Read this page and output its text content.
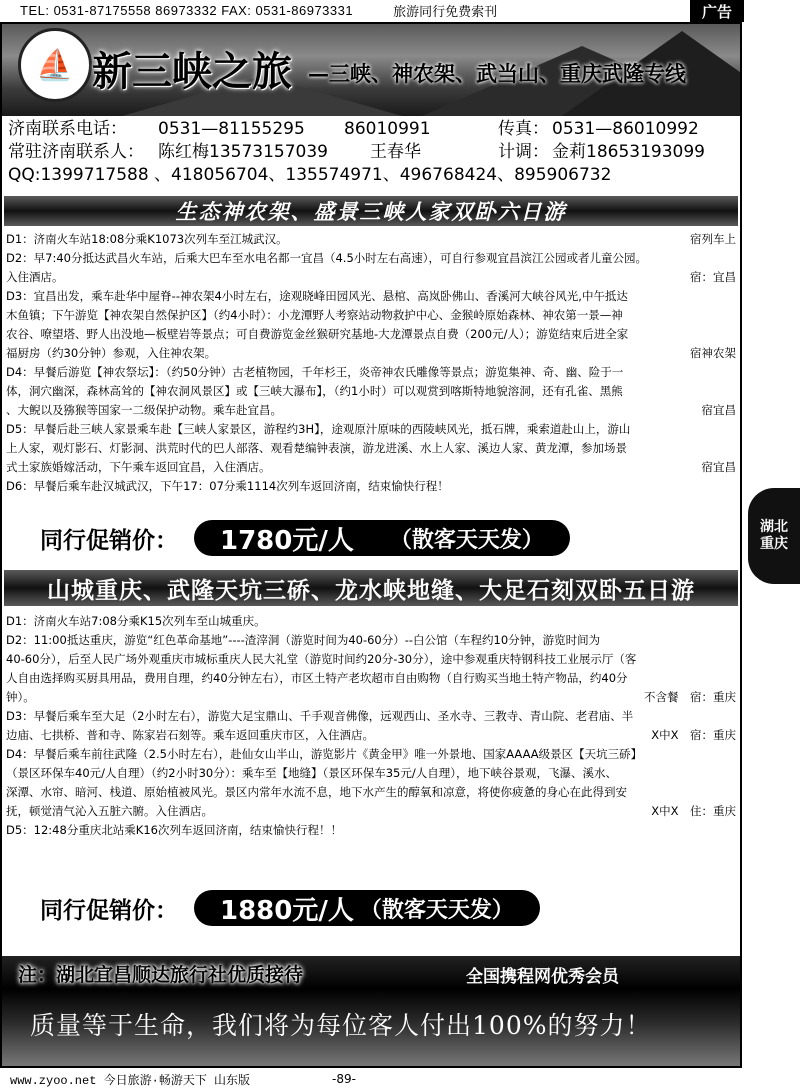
TEL: 0531-87175558 86973332 FAX: 0531-86973331	旅游同行免费索刊	广告
⛵ 新三峡之旅 —三峡、神农架、武当山、重庆武隆专线
济南联系电话： 0531—81155295 86010991	传真： 0531—86010992
常驻济南联系人： 陈红梅13573157039 王春华	计调： 金莉18653193099
QQ:1399717588 、418056704、135574971、496768424、895906732
生态神农架、盛景三峡人家双卧六日游
D1：济南火车站18:08分乘K1073次列车至江城武汉。	宿列车上
D2：早7:40分抵达武昌火车站，后乘大巴车至水电名都一宜昌（4.5小时左右高速），可自行参观宜昌滨江公园或者儿童公园。
入住酒店。	宿：宜昌
D3：宜昌出发，乘车赴华中屋脊--神农架4小时左右，途观晓峰田园风光、悬棺、高岚卧佛山、香溪河大峡谷风光,中午抵达
木鱼镇；下午游览【神农架自然保护区】（约4小时）：小龙潭野人考察站动物救护中心、金猴岭原始森林、神农第一景—神
农谷、嘹望塔、野人出没地—板壁岩等景点；可自费游览金丝猴研究基地-大龙潭景点自费（200元/人）；游览结束后进全家
福厨房（约30分钟）参观，入住神农架。	宿神农架
D4：早餐后游览【神农祭坛】：（约50分钟）古老植物园，千年杉王，炎帝神农氏雕像等景点；游览集神、奇、幽、险于一
体，洞穴幽深，森林高耸的【神农洞风景区】或【三峡大瀑布】，（约1小时）可以观赏到喀斯特地貌溶洞，还有孔雀、黑熊
、大鲵以及猕猴等国家一二级保护动物。乘车赴宜昌。	宿宜昌
D5：早餐后赴三峡人家景乘车赴【三峡人家景区，游程约3H】，途观原汁原味的西陵峡风光，抵石牌，乘索道赴山上，游山
上人家，观灯影石、灯影洞、洪荒时代的巴人部落、观看楚编钟表演，游龙进溪、水上人家、溪边人家、黄龙潭，参加场景
式土家族婚嫁活动，下午乘车返回宜昌，入住酒店。	宿宜昌
D6：早餐后乘车赴汉城武汉，下午17：07分乘1114次列车返回济南，结束愉快行程！
同行促销价： 1780元/人 （散客天天发）
山城重庆、武隆天坑三硚、龙水峡地缝、大足石刻双卧五日游
D1：济南火车站7:08分乘K15次列车至山城重庆。
D2：11:00抵达重庆，游览“红色革命基地”----渣滓洞（游览时间为40-60分）--白公馆（车程约10分钟，游览时间为
40-60分），后至人民广场外观重庆市城标重庆人民大礼堂（游览时间约20分-30分），途中参观重庆特钢科技工业展示厅（客
人自由选择购买厨具用品，费用自理，约40分钟左右），市区土特产老坎超市自由购物（自行购买当地土特产物品，约40分
钟）。	不含餐　宿：重庆
D3：早餐后乘车至大足（2小时左右），游览大足宝鼎山、千手观音佛像，远观西山、圣水寺、三教寺、青山院、老君庙、半
边庙、七拱桥、普和寺、陈家岩石刻等。乘车返回重庆市区，入住酒店。	X中X　宿：重庆
D4：早餐后乘车前往武隆（2.5小时左右），赴仙女山半山，游览影片《黄金甲》唯一外景地、国家AAAA级景区【天坑三硚】
（景区环保车40元/人自理）（约2小时30分）：乘车至【地缝】（景区环保车35元/人自理），地下峡谷景观，飞瀑、溪水、
深潭、水帘、暗河、栈道、原始植被风光。景区内常年水流不息，地下水产生的醇氧和凉意，将使你疲惫的身心在此得到安
抚，顿觉清气沁入五脏六腑。入住酒店。	X中X　住：重庆
D5：12:48分重庆北站乘K16次列车返回济南，结束愉快行程！！
同行促销价： 1880元/人 （散客天天发）
湖北
重庆
注：湖北宜昌顺达旅行社优质接待	全国携程网优秀会员
质量等于生命，我们将为每位客人付出100%的努力！
www.zyoo.net 今日旅游·畅游天下 山东版	-89-
